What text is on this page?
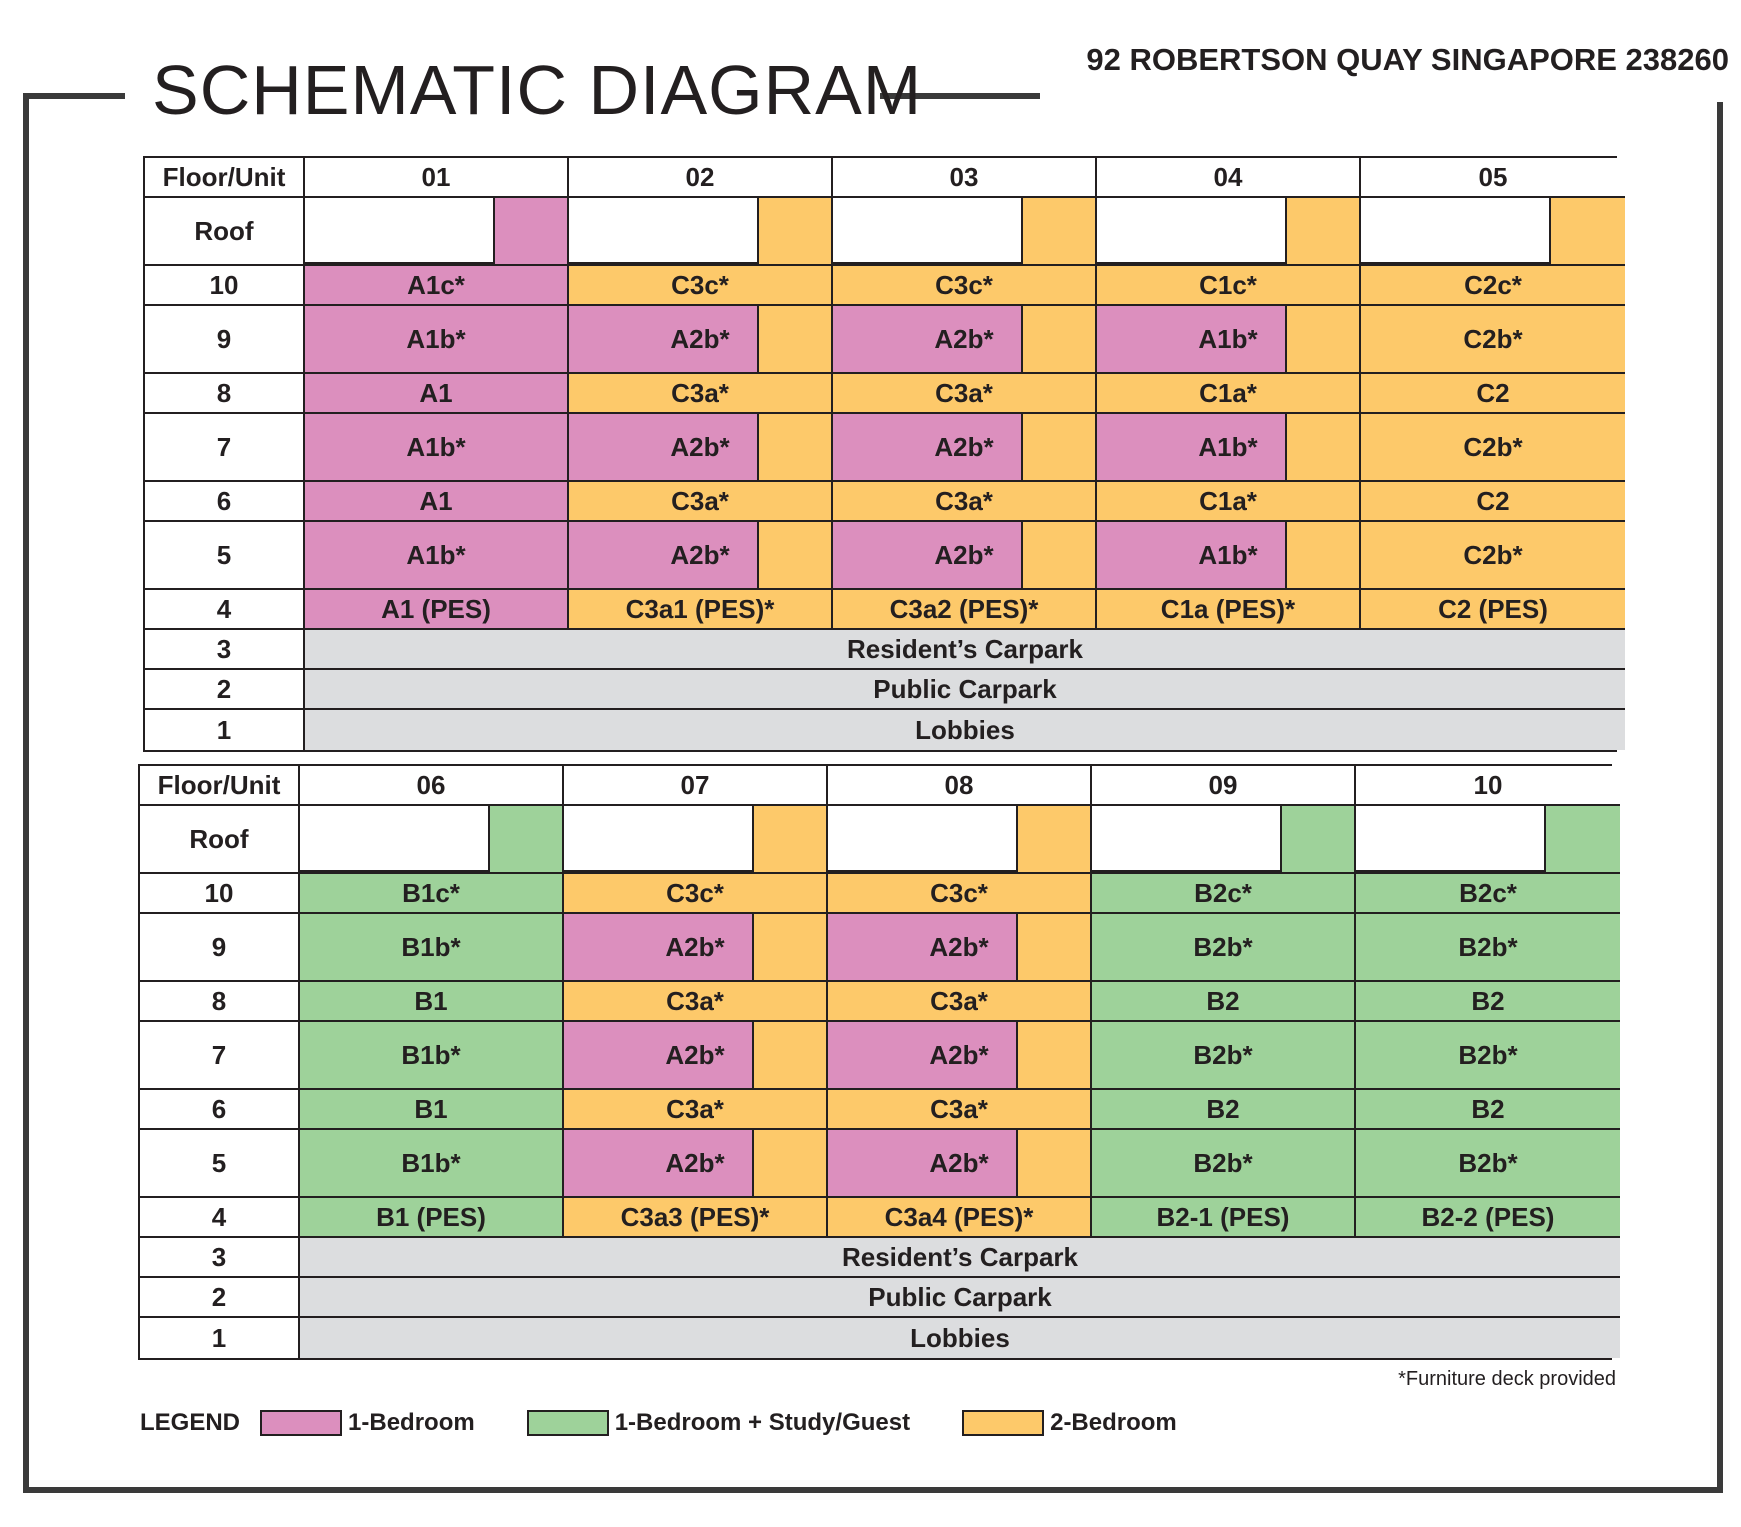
SCHEMATIC DIAGRAM	92 ROBERTSON QUAY SINGAPORE 238260
Floor/Unit	01	02	03	04	05
Roof
10	A1c*	C3c*	C3c*	C1c*	C2c*
9	A1b*	A2b*	A2b*	A1b*	C2b*
8	A1	C3a*	C3a*	C1a*	C2
7	A1b*	A2b*	A2b*	A1b*	C2b*
6	A1	C3a*	C3a*	C1a*	C2
5	A1b*	A2b*	A2b*	A1b*	C2b*
4	A1 (PES)	C3a1 (PES)*	C3a2 (PES)*	C1a (PES)*	C2 (PES)
3	Resident’s Carpark
2	Public Carpark
1	Lobbies
Floor/Unit	06	07	08	09	10
Roof
10	B1c*	C3c*	C3c*	B2c*	B2c*
9	B1b*	A2b*	A2b*	B2b*	B2b*
8	B1	C3a*	C3a*	B2	B2
7	B1b*	A2b*	A2b*	B2b*	B2b*
6	B1	C3a*	C3a*	B2	B2
5	B1b*	A2b*	A2b*	B2b*	B2b*
4	B1 (PES)	C3a3 (PES)*	C3a4 (PES)*	B2-1 (PES)	B2-2 (PES)
3	Resident’s Carpark
2	Public Carpark
1	Lobbies
*Furniture deck provided
LEGEND	1-Bedroom	1-Bedroom + Study/Guest	2-Bedroom
